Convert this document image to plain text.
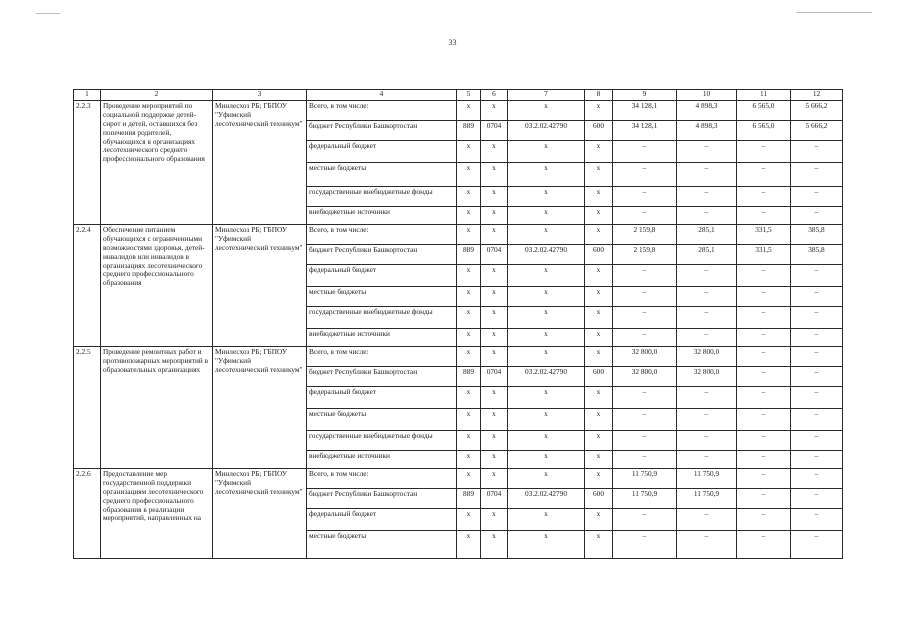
33
1	2	3	4	5	6	7	8	9	10	11	12
2.2.3	Проведение мероприятий по социальной поддержке детей-сирот и детей, оставшихся без попечения родителей, обучающихся в организациях лесотехнического среднего профессионального образования	Минлесхоз РБ; ГБПОУ "Уфимский лесотехнический техникум"	Всего, в том числе:	x	x	x	x	34 128,1	4 898,3	6 565,0	5 666,2
			бюджет Республики Башкортостан	889	0704	03.2.02.42790	600	34 128,1	4 898,3	6 565,0	5 666,2
			федеральный бюджет	x	x	x	x	–	–	–	–
			местные бюджеты	x	x	x	x	–	–	–	–
			государственные внебюджетные фонды	x	x	x	x	–	–	–	–
			внебюджетные источники	x	x	x	x	–	–	–	–
2.2.4	Обеспечение питанием обучающихся с ограниченными возможностями здоровья, детей-инвалидов или инвалидов в организациях лесотехнического среднего профессионального образования	Минлесхоз РБ; ГБПОУ "Уфимский лесотехнический техникум"	Всего, в том числе:	x	x	x	x	2 159,8	285,1	331,5	385,8
			бюджет Республики Башкортостан	889	0704	03.2.02.42790	600	2 159,8	285,1	331,5	385,8
			федеральный бюджет	x	x	x	x	–	–	–	–
			местные бюджеты	x	x	x	x	–	–	–	–
			государственные внебюджетные фонды	x	x	x	x	–	–	–	–
			внебюджетные источники	x	x	x	x	–	–	–	–
2.2.5	Проведение ремонтных работ и противопожарных мероприятий в образовательных организациях	Минлесхоз РБ; ГБПОУ "Уфимский лесотехнический техникум"	Всего, в том числе:	x	x	x	x	32 800,0	32 800,0	–	–
			бюджет Республики Башкортостан	889	0704	03.2.02.42790	600	32 800,0	32 800,0	–	–
			федеральный бюджет	x	x	x	x	–	–	–	–
			местные бюджеты	x	x	x	x	–	–	–	–
			государственные внебюджетные фонды	x	x	x	x	–	–	–	–
			внебюджетные источники	x	x	x	x	–	–	–	–
2.2.6	Предоставление мер государственной поддержки организациям лесотехнического среднего профессионального образования в реализации мероприятий, направленных на	Минлесхоз РБ; ГБПОУ "Уфимский лесотехнический техникум"	Всего, в том числе:	x	x	x	x	11 750,9	11 750,9	–	–
			бюджет Республики Башкортостан	889	0704	03.2.02.42790	600	11 750,9	11 750,9	–	–
			федеральный бюджет	x	x	x	x	–	–	–	–
			местные бюджеты	x	x	x	x	–	–	–	–
